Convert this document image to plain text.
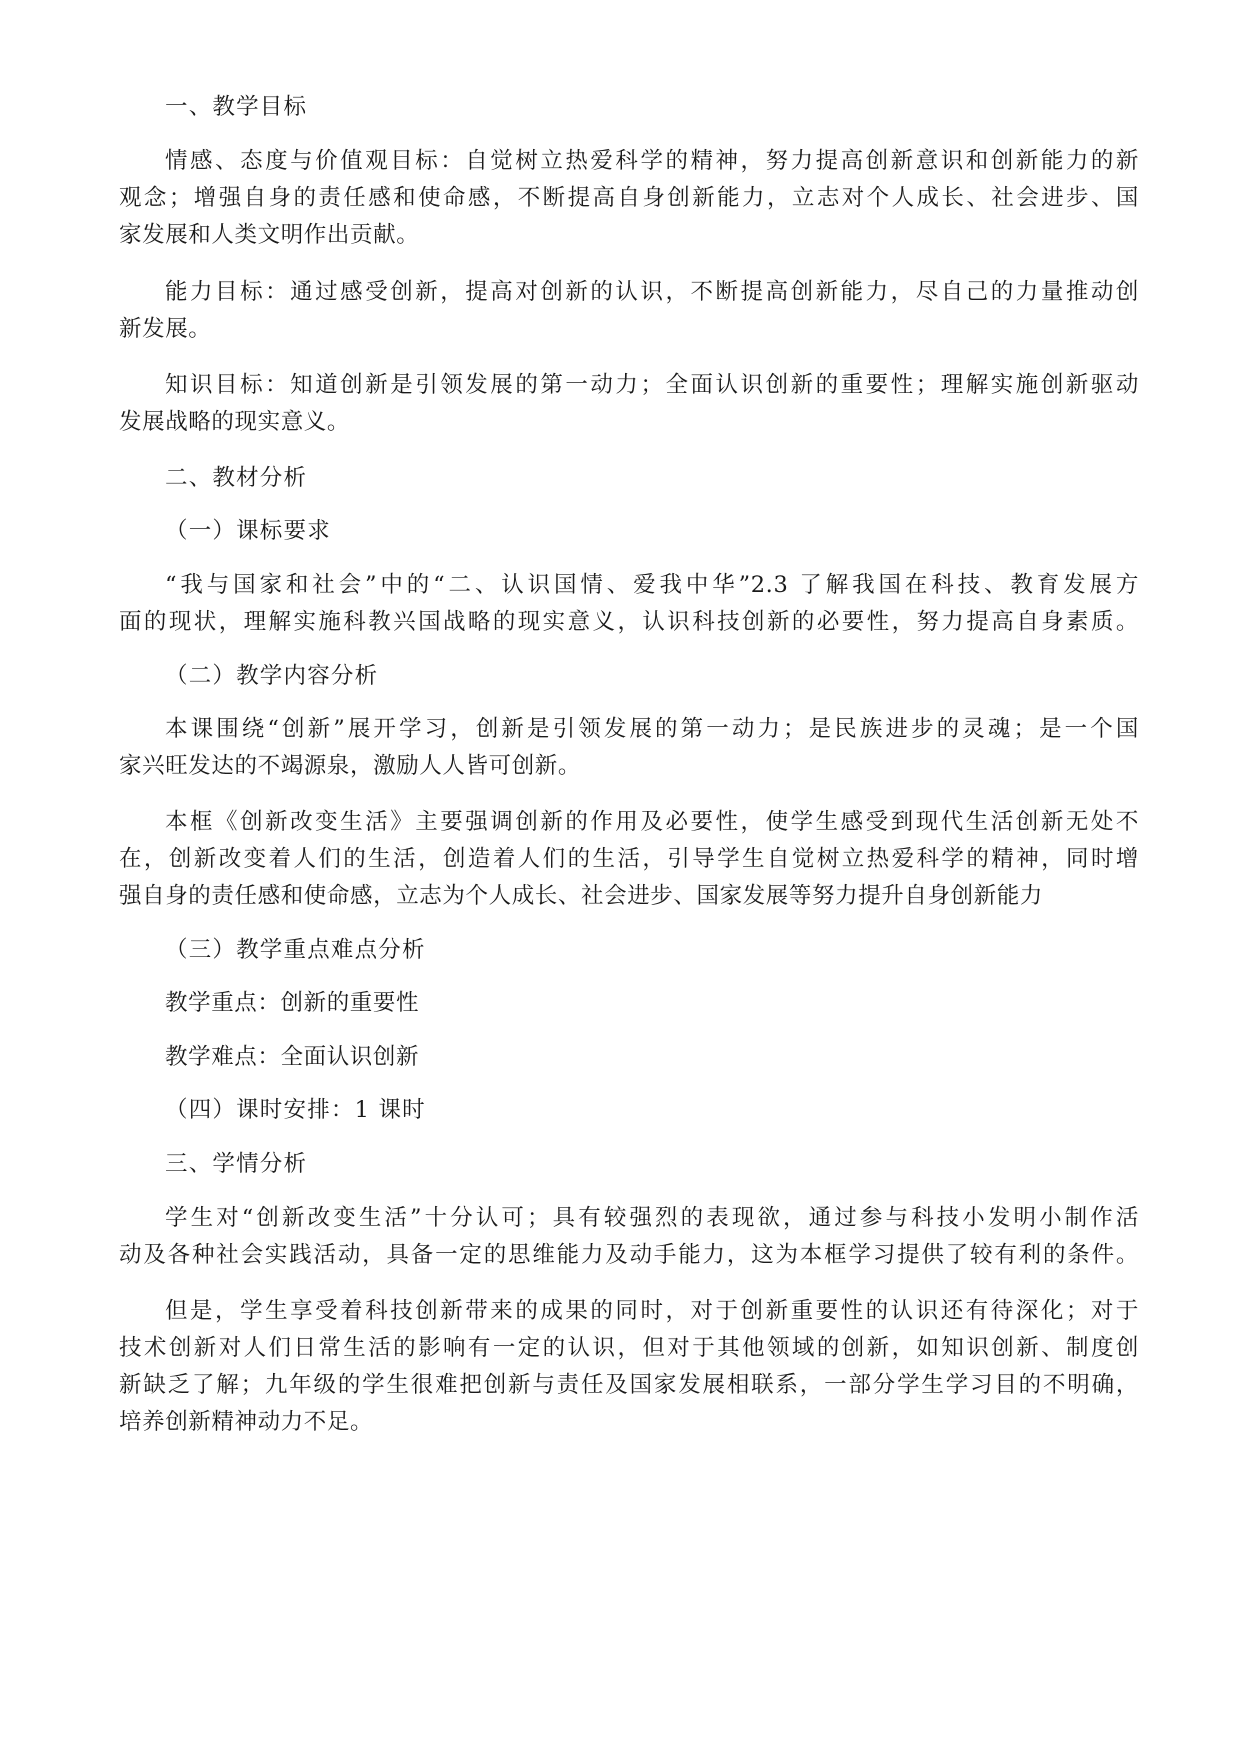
一、教学目标

情感、态度与价值观目标：自觉树立热爱科学的精神，努力提高创新意识和创新能力的新

观念；增强自身的责任感和使命感，不断提高自身创新能力，立志对个人成长、社会进步、国

家发展和人类文明作出贡献。

能力目标：通过感受创新，提高对创新的认识，不断提高创新能力，尽自己的力量推动创

新发展。

知识目标：知道创新是引领发展的第一动力；全面认识创新的重要性；理解实施创新驱动

发展战略的现实意义。

二、教材分析

（一）课标要求

“我与国家和社会”中的“二、认识国情、爱我中华”2.3 了解我国在科技、教育发展方

面的现状，理解实施科教兴国战略的现实意义，认识科技创新的必要性，努力提高自身素质。

（二）教学内容分析

本课围绕“创新”展开学习，创新是引领发展的第一动力；是民族进步的灵魂；是一个国

家兴旺发达的不竭源泉，激励人人皆可创新。

本框《创新改变生活》主要强调创新的作用及必要性，使学生感受到现代生活创新无处不

在，创新改变着人们的生活，创造着人们的生活，引导学生自觉树立热爱科学的精神，同时增

强自身的责任感和使命感，立志为个人成长、社会进步、国家发展等努力提升自身创新能力

（三）教学重点难点分析

教学重点：创新的重要性

教学难点：全面认识创新

（四）课时安排：1 课时

三、学情分析

学生对“创新改变生活”十分认可；具有较强烈的表现欲，通过参与科技小发明小制作活

动及各种社会实践活动，具备一定的思维能力及动手能力，这为本框学习提供了较有利的条件。

但是，学生享受着科技创新带来的成果的同时，对于创新重要性的认识还有待深化；对于

技术创新对人们日常生活的影响有一定的认识，但对于其他领域的创新，如知识创新、制度创

新缺乏了解；九年级的学生很难把创新与责任及国家发展相联系，一部分学生学习目的不明确，

培养创新精神动力不足。
